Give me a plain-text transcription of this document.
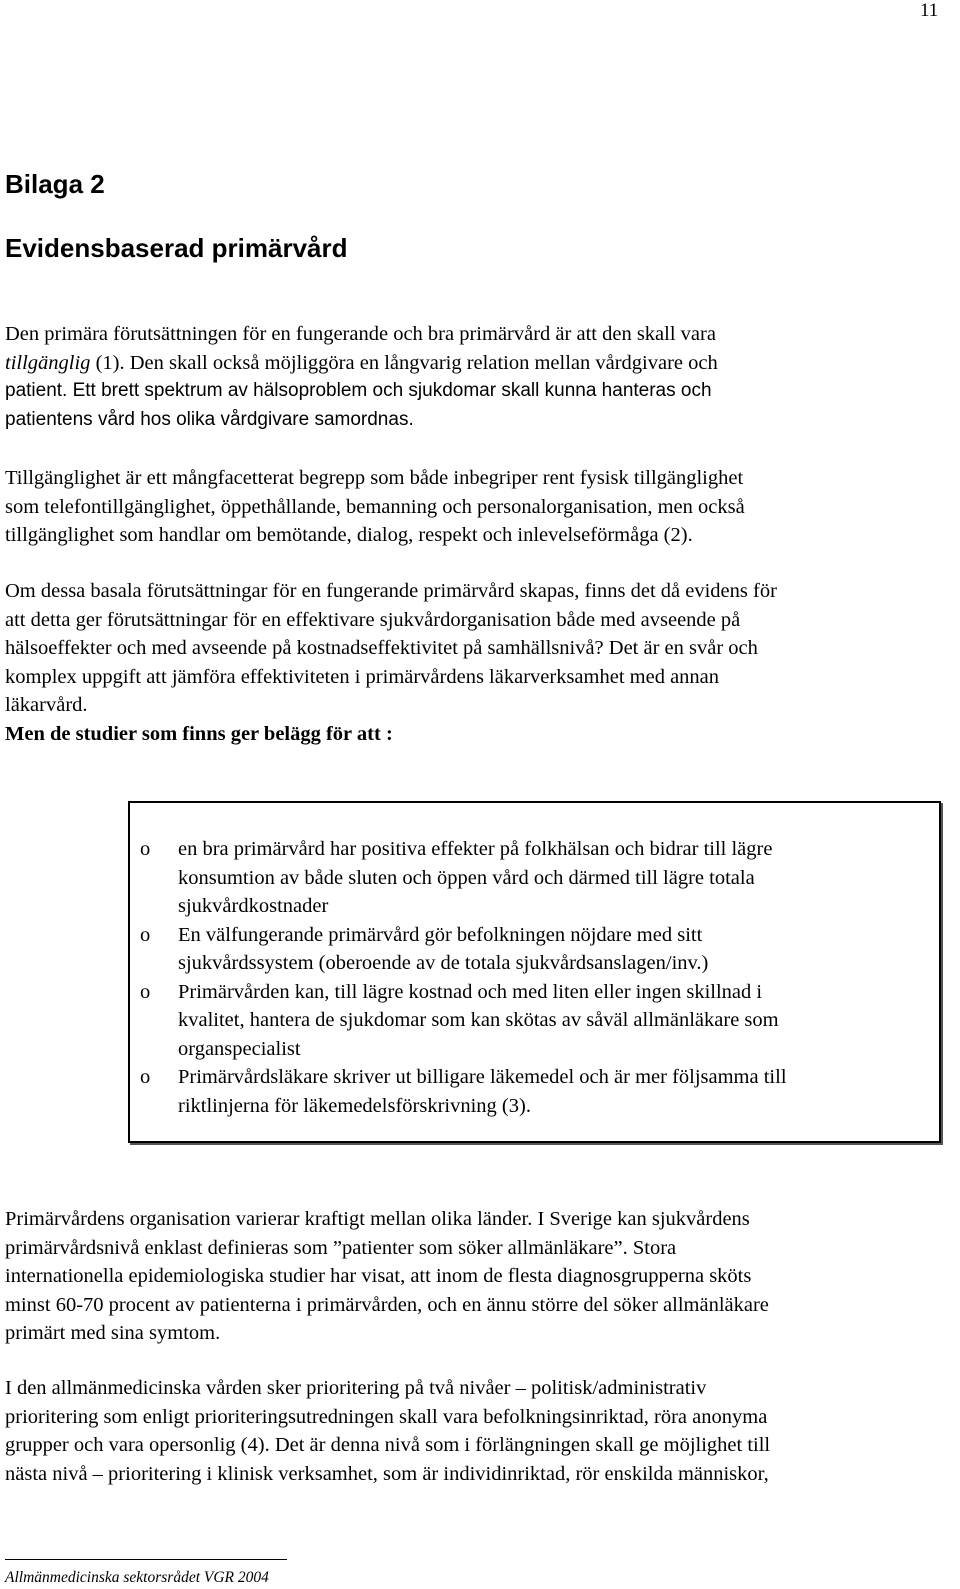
11
Bilaga 2
Evidensbaserad primärvård

Den primära förutsättningen för en fungerande och bra primärvård är att den skall vara
tillgänglig (1). Den skall också möjliggöra en långvarig relation mellan vårdgivare och
patient. Ett brett spektrum av hälsoproblem och sjukdomar skall kunna hanteras och
patientens vård hos olika vårdgivare samordnas.

Tillgänglighet är ett mångfacetterat begrepp som både inbegriper rent fysisk tillgänglighet
som telefontillgänglighet, öppethållande, bemanning och personalorganisation, men också
tillgänglighet som handlar om bemötande, dialog, respekt och inlevelseförmåga (2).

Om dessa basala förutsättningar för en fungerande primärvård skapas, finns det då evidens för
att detta ger förutsättningar för en effektivare sjukvårdorganisation både med avseende på
hälsoeffekter och med avseende på kostnadseffektivitet på samhällsnivå? Det är en svår och
komplex uppgift att jämföra effektiviteten i primärvårdens läkarverksamhet med annan
läkarvård.
Men de studier som finns ger belägg för att :

o en bra primärvård har positiva effekter på folkhälsan och bidrar till lägre
konsumtion av både sluten och öppen vård och därmed till lägre totala
sjukvårdkostnader
o En välfungerande primärvård gör befolkningen nöjdare med sitt
sjukvårdssystem (oberoende av de totala sjukvårdsanslagen/inv.)
o Primärvården kan, till lägre kostnad och med liten eller ingen skillnad i
kvalitet, hantera de sjukdomar som kan skötas av såväl allmänläkare som
organspecialist
o Primärvårdsläkare skriver ut billigare läkemedel och är mer följsamma till
riktlinjerna för läkemedelsförskrivning (3).

Primärvårdens organisation varierar kraftigt mellan olika länder. I Sverige kan sjukvårdens
primärvårdsnivå enklast definieras som ”patienter som söker allmänläkare”. Stora
internationella epidemiologiska studier har visat, att inom de flesta diagnosgrupperna sköts
minst 60-70 procent av patienterna i primärvården, och en ännu större del söker allmänläkare
primärt med sina symtom.

I den allmänmedicinska vården sker prioritering på två nivåer – politisk/administrativ
prioritering som enligt prioriteringsutredningen skall vara befolkningsinriktad, röra anonyma
grupper och vara opersonlig (4). Det är denna nivå som i förlängningen skall ge möjlighet till
nästa nivå – prioritering i klinisk verksamhet, som är individinriktad, rör enskilda människor,

Allmänmedicinska sektorsrådet VGR 2004
